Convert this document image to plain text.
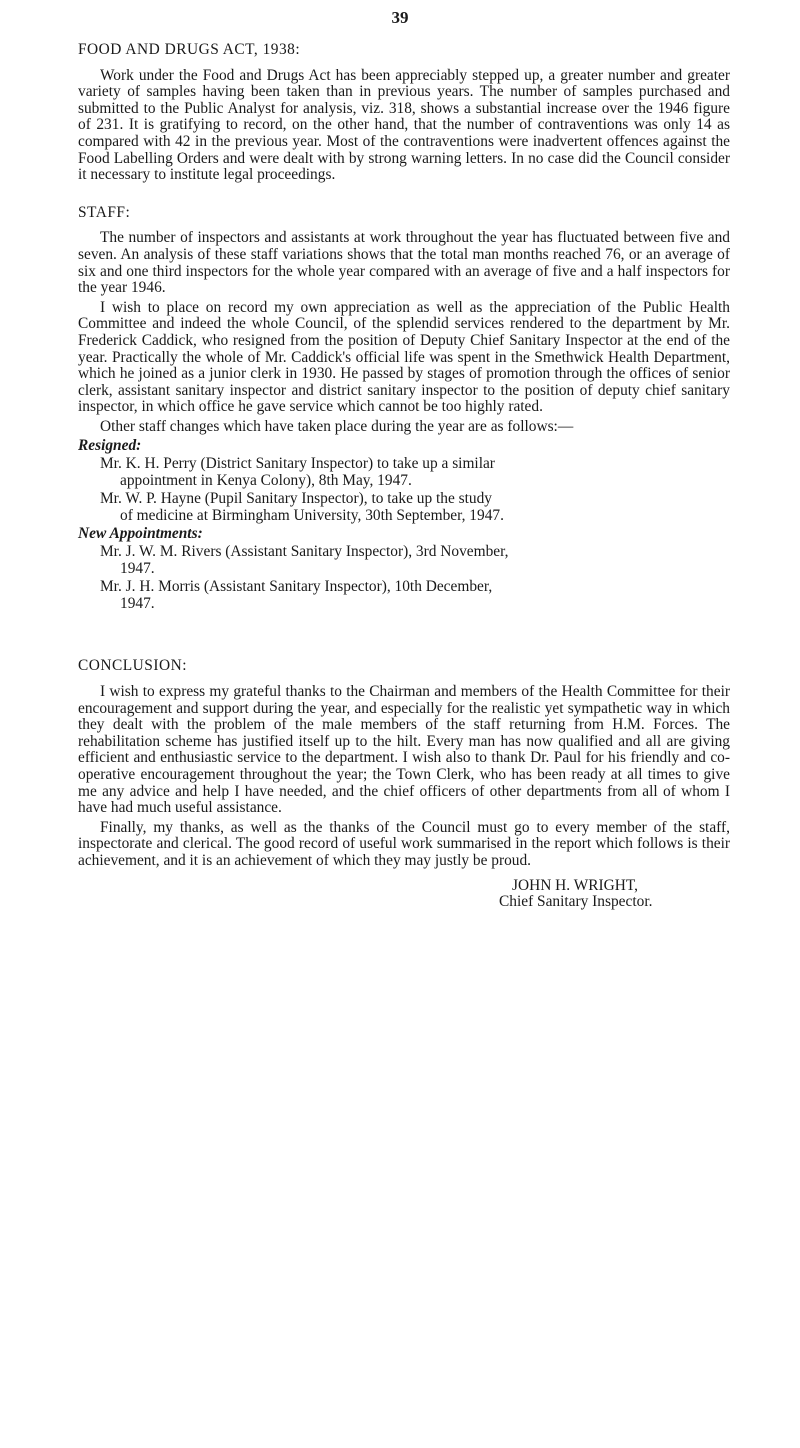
39
FOOD AND DRUGS ACT, 1938:

Work under the Food and Drugs Act has been appreciably stepped up, a greater number and greater variety of samples having been taken than in previous years. The number of samples purchased and submitted to the Public Analyst for analysis, viz. 318, shows a substantial increase over the 1946 figure of 231. It is gratifying to record, on the other hand, that the number of contraventions was only 14 as compared with 42 in the previous year. Most of the contraventions were inadvertent offences against the Food Labelling Orders and were dealt with by strong warning letters. In no case did the Council consider it necessary to institute legal proceedings.

STAFF:

The number of inspectors and assistants at work throughout the year has fluctuated between five and seven. An analysis of these staff variations shows that the total man months reached 76, or an average of six and one third inspectors for the whole year compared with an average of five and a half inspectors for the year 1946.

I wish to place on record my own appreciation as well as the appreciation of the Public Health Committee and indeed the whole Council, of the splendid services rendered to the department by Mr. Frederick Caddick, who resigned from the position of Deputy Chief Sanitary Inspector at the end of the year. Practically the whole of Mr. Caddick's official life was spent in the Smethwick Health Department, which he joined as a junior clerk in 1930. He passed by stages of promotion through the offices of senior clerk, assistant sanitary inspector and district sanitary inspector to the position of deputy chief sanitary inspector, in which office he gave service which cannot be too highly rated.

Other staff changes which have taken place during the year are as follows:—

Resigned:
Mr. K. H. Perry (District Sanitary Inspector) to take up a similar
appointment in Kenya Colony), 8th May, 1947.
Mr. W. P. Hayne (Pupil Sanitary Inspector), to take up the study
of medicine at Birmingham University, 30th September, 1947.
New Appointments:
Mr. J. W. M. Rivers (Assistant Sanitary Inspector), 3rd November,
1947.
Mr. J. H. Morris (Assistant Sanitary Inspector), 10th December,
1947.
CONCLUSION:

I wish to express my grateful thanks to the Chairman and members of the Health Committee for their encouragement and support during the year, and especially for the realistic yet sympathetic way in which they dealt with the problem of the male members of the staff returning from H.M. Forces. The rehabilitation scheme has justified itself up to the hilt. Every man has now qualified and all are giving efficient and enthusiastic service to the department. I wish also to thank Dr. Paul for his friendly and co-operative encouragement throughout the year; the Town Clerk, who has been ready at all times to give me any advice and help I have needed, and the chief officers of other departments from all of whom I have had much useful assistance.

Finally, my thanks, as well as the thanks of the Council must go to every member of the staff, inspectorate and clerical. The good record of useful work summarised in the report which follows is their achievement, and it is an achievement of which they may justly be proud.

JOHN H. WRIGHT,
Chief Sanitary Inspector.
